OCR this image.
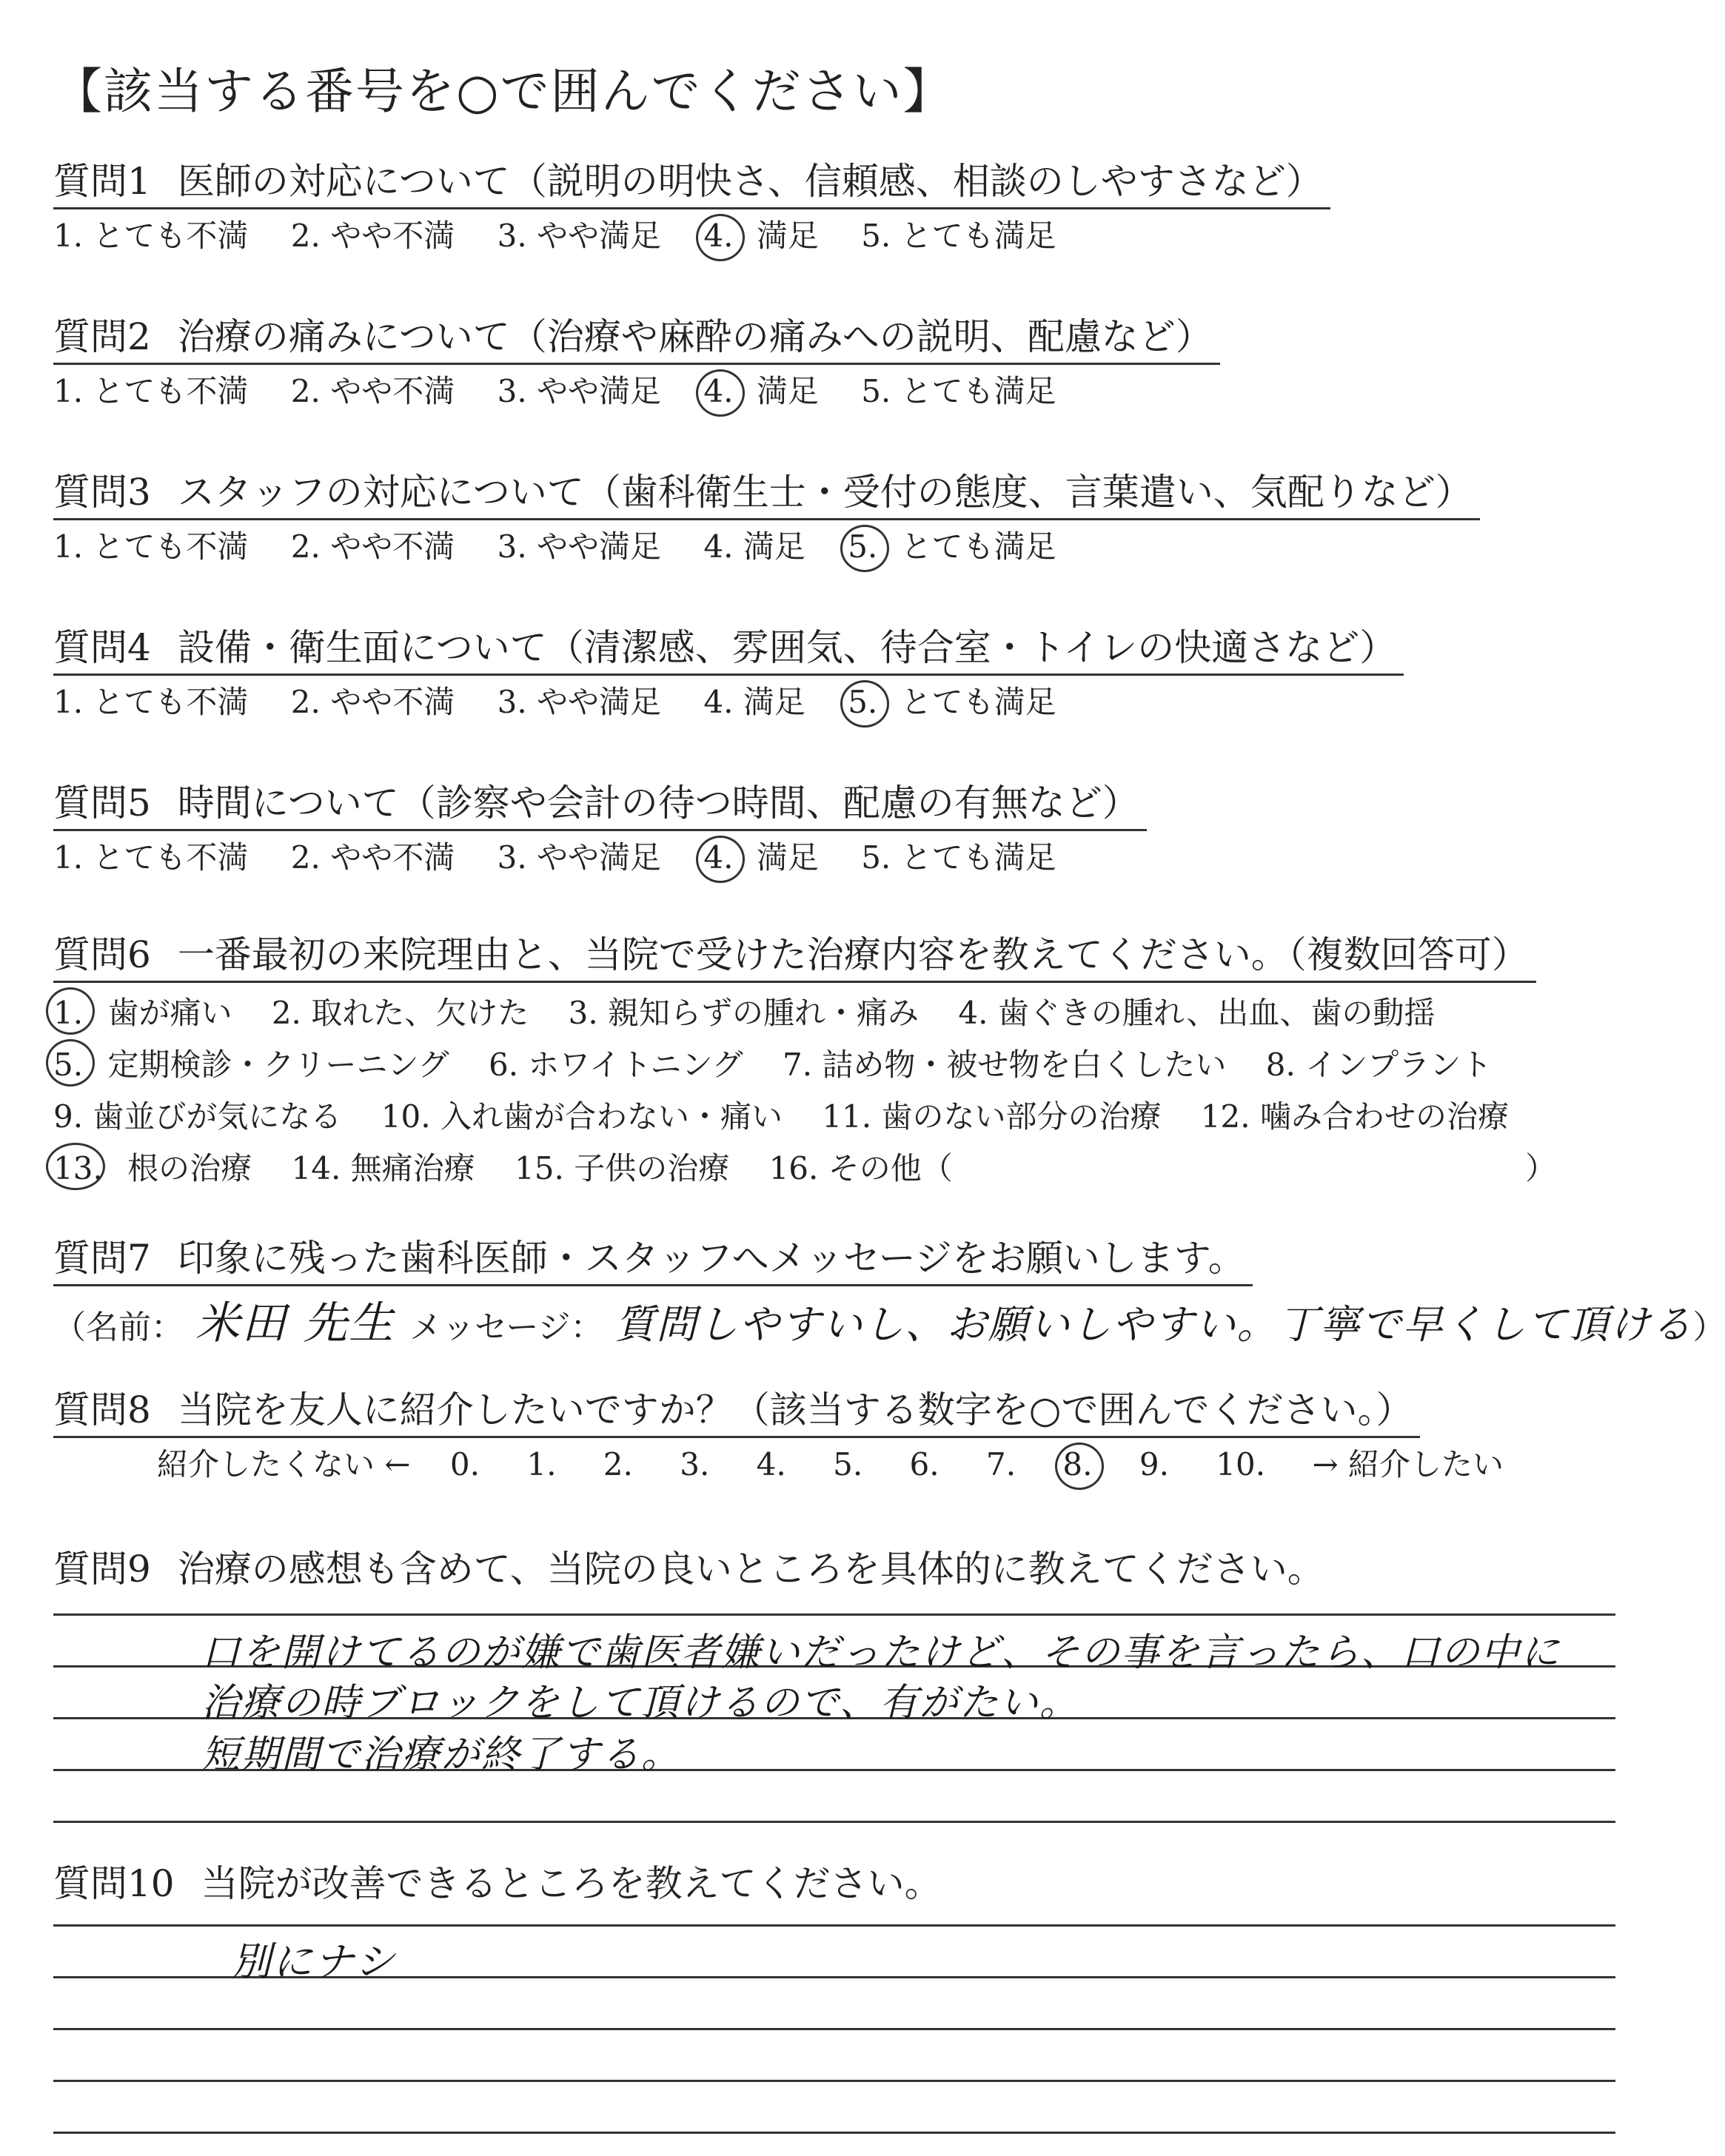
【該当する番号を○で囲んでください】
質問1 医師の対応について（説明の明快さ、信頼感、相談のしやすさなど）
1. とても不満 2. やや不満 3. やや満足 4. 満足 5. とても満足
質問2 治療の痛みについて（治療や麻酔の痛みへの説明、配慮など）
1. とても不満 2. やや不満 3. やや満足 4. 満足 5. とても満足
質問3 スタッフの対応について（歯科衛生士・受付の態度、言葉遣い、気配りなど）
1. とても不満 2. やや不満 3. やや満足 4. 満足 5. とても満足
質問4 設備・衛生面について（清潔感、雰囲気、待合室・トイレの快適さなど）
1. とても不満 2. やや不満 3. やや満足 4. 満足 5. とても満足
質問5 時間について（診察や会計の待つ時間、配慮の有無など）
1. とても不満 2. やや不満 3. やや満足 4. 満足 5. とても満足
質問6 一番最初の来院理由と、当院で受けた治療内容を教えてください。（複数回答可）
1. 歯が痛い 2. 取れた、欠けた 3. 親知らずの腫れ・痛み 4. 歯ぐきの腫れ、出血、歯の動揺
5. 定期検診・クリーニング 6. ホワイトニング 7. 詰め物・被せ物を白くしたい 8. インプラント
9. 歯並びが気になる 10. 入れ歯が合わない・痛い 11. 歯のない部分の治療 12. 噛み合わせの治療
13. 根の治療 14. 無痛治療 15. 子供の治療 16. その他（	）
質問7 印象に残った歯科医師・スタッフへメッセージをお願いします。
（名前： 米田 先生 メッセージ： 質問しやすいし、お願いしやすい。丁寧で早くして頂ける）
質問8 当院を友人に紹介したいですか？（該当する数字を○で囲んでください。）
紹介したくない ← 0. 1. 2. 3. 4. 5. 6. 7. 8. 9. 10. → 紹介したい
質問9 治療の感想も含めて、当院の良いところを具体的に教えてください。
口を開けてるのが嫌で歯医者嫌いだったけど、その事を言ったら、口の中に
治療の時ブロックをして頂けるので、有がたい。
短期間で治療が終了する。
質問10 当院が改善できるところを教えてください。
別にナシ
